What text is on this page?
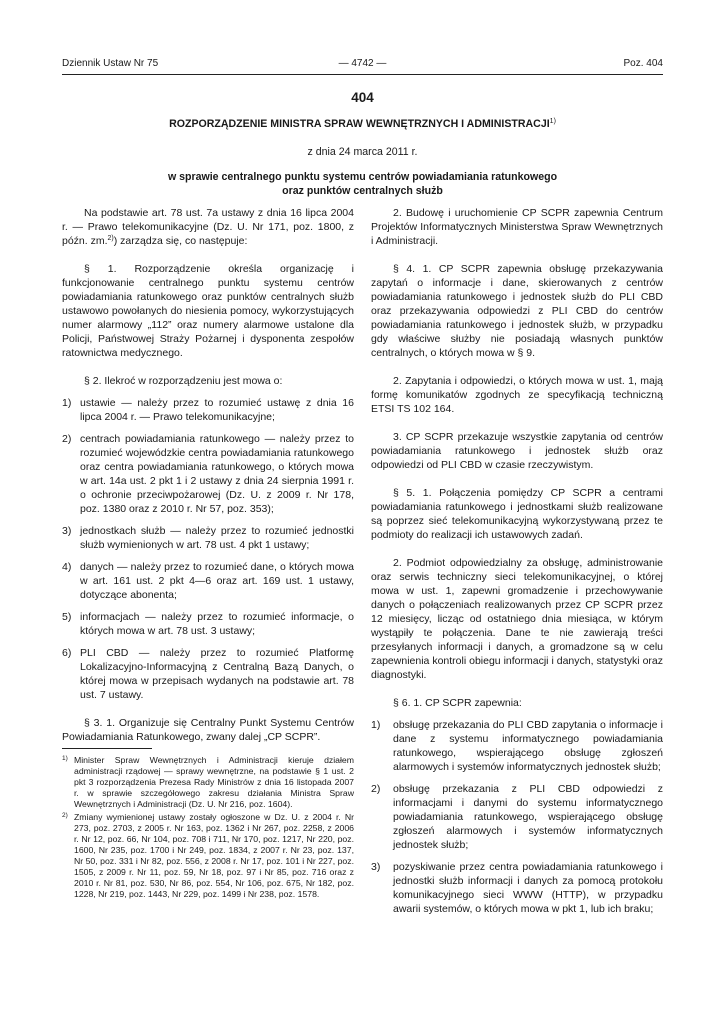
Dziennik Ustaw Nr 75	— 4742 —	Poz. 404
404
ROZPORZĄDZENIE MINISTRA SPRAW WEWNĘTRZNYCH I ADMINISTRACJI$^{1)}$
z dnia 24 marca 2011 r.
w sprawie centralnego punktu systemu centrów powiadamiania ratunkowego
oraz punktów centralnych służb

Na podstawie art. 78 ust. 7a ustawy z dnia 16 lipca 2004 r. — Prawo telekomunikacyjne (Dz. U. Nr 171, poz. 1800, z późn. zm.$^{2)}$) zarządza się, co następuje:

§ 1. Rozporządzenie określa organizację i funkcjonowanie centralnego punktu systemu centrów powiadamiania ratunkowego oraz punktów centralnych służb ustawowo powołanych do niesienia pomocy, wykorzystujących numer alarmowy „112” oraz numery alarmowe ustalone dla Policji, Państwowej Straży Pożarnej i dysponenta zespołów ratownictwa medycznego.

§ 2. Ilekroć w rozporządzeniu jest mowa o:

1) ustawie — należy przez to rozumieć ustawę z dnia 16 lipca 2004 r. — Prawo telekomunikacyjne;
2) centrach powiadamiania ratunkowego — należy przez to rozumieć wojewódzkie centra powiadamiania ratunkowego oraz centra powiadamiania ratunkowego, o których mowa w art. 14a ust. 2 pkt 1 i 2 ustawy z dnia 24 sierpnia 1991 r. o ochronie przeciwpożarowej (Dz. U. z 2009 r. Nr 178, poz. 1380 oraz z 2010 r. Nr 57, poz. 353);
3) jednostkach służb — należy przez to rozumieć jednostki służb wymienionych w art. 78 ust. 4 pkt 1 ustawy;
4) danych — należy przez to rozumieć dane, o których mowa w art. 161 ust. 2 pkt 4—6 oraz art. 169 ust. 1 ustawy, dotyczące abonenta;
5) informacjach — należy przez to rozumieć informacje, o których mowa w art. 78 ust. 3 ustawy;
6) PLI CBD — należy przez to rozumieć Platformę Lokalizacyjno-Informacyjną z Centralną Bazą Danych, o której mowa w przepisach wydanych na podstawie art. 78 ust. 7 ustawy.

§ 3. 1. Organizuje się Centralny Punkt Systemu Centrów Powiadamiania Ratunkowego, zwany dalej „CP SCPR”.

1) Minister Spraw Wewnętrznych i Administracji kieruje działem administracji rządowej — sprawy wewnętrzne, na podstawie § 1 ust. 2 pkt 3 rozporządzenia Prezesa Rady Ministrów z dnia 16 listopada 2007 r. w sprawie szczegółowego zakresu działania Ministra Spraw Wewnętrznych i Administracji (Dz. U. Nr 216, poz. 1604).
2) Zmiany wymienionej ustawy zostały ogłoszone w Dz. U. z 2004 r. Nr 273, poz. 2703, z 2005 r. Nr 163, poz. 1362 i Nr 267, poz. 2258, z 2006 r. Nr 12, poz. 66, Nr 104, poz. 708 i 711, Nr 170, poz. 1217, Nr 220, poz. 1600, Nr 235, poz. 1700 i Nr 249, poz. 1834, z 2007 r. Nr 23, poz. 137, Nr 50, poz. 331 i Nr 82, poz. 556, z 2008 r. Nr 17, poz. 101 i Nr 227, poz. 1505, z 2009 r. Nr 11, poz. 59, Nr 18, poz. 97 i Nr 85, poz. 716 oraz z 2010 r. Nr 81, poz. 530, Nr 86, poz. 554, Nr 106, poz. 675, Nr 182, poz. 1228, Nr 219, poz. 1443, Nr 229, poz. 1499 i Nr 238, poz. 1578.

2. Budowę i uruchomienie CP SCPR zapewnia Centrum Projektów Informatycznych Ministerstwa Spraw Wewnętrznych i Administracji.

§ 4. 1. CP SCPR zapewnia obsługę przekazywania zapytań o informacje i dane, skierowanych z centrów powiadamiania ratunkowego i jednostek służb do PLI CBD oraz przekazywania odpowiedzi z PLI CBD do centrów powiadamiania ratunkowego i jednostek służb, w przypadku gdy właściwe służby nie posiadają własnych punktów centralnych, o których mowa w § 9.

2. Zapytania i odpowiedzi, o których mowa w ust. 1, mają formę komunikatów zgodnych ze specyfikacją techniczną ETSI TS 102 164.

3. CP SCPR przekazuje wszystkie zapytania od centrów powiadamiania ratunkowego i jednostek służb oraz odpowiedzi od PLI CBD w czasie rzeczywistym.

§ 5. 1. Połączenia pomiędzy CP SCPR a centrami powiadamiania ratunkowego i jednostkami służb realizowane są poprzez sieć telekomunikacyjną wykorzystywaną przez te podmioty do realizacji ich ustawowych zadań.

2. Podmiot odpowiedzialny za obsługę, administrowanie oraz serwis techniczny sieci telekomunikacyjnej, o której mowa w ust. 1, zapewni gromadzenie i przechowywanie danych o połączeniach realizowanych przez CP SCPR przez 12 miesięcy, licząc od ostatniego dnia miesiąca, w którym wystąpiły te połączenia. Dane te nie zawierają treści przesyłanych informacji i danych, a gromadzone są w celu zapewnienia kontroli obiegu informacji i danych, statystyki oraz diagnostyki.

§ 6. 1. CP SCPR zapewnia:

1)	obsługę przekazania do PLI CBD zapytania o informacje i dane z systemu informatycznego powiadamiania ratunkowego, wspierającego obsługę zgłoszeń alarmowych i systemów informatycznych jednostek służb;
2)	obsługę przekazania z PLI CBD odpowiedzi z informacjami i danymi do systemu informatycznego powiadamiania ratunkowego, wspierającego obsługę zgłoszeń alarmowych i systemów informatycznych jednostek służb;
3)	pozyskiwanie przez centra powiadamiania ratunkowego i jednostki służb informacji i danych za pomocą protokołu komunikacyjnego sieci WWW (HTTP), w przypadku awarii systemów, o których mowa w pkt 1, lub ich braku;
